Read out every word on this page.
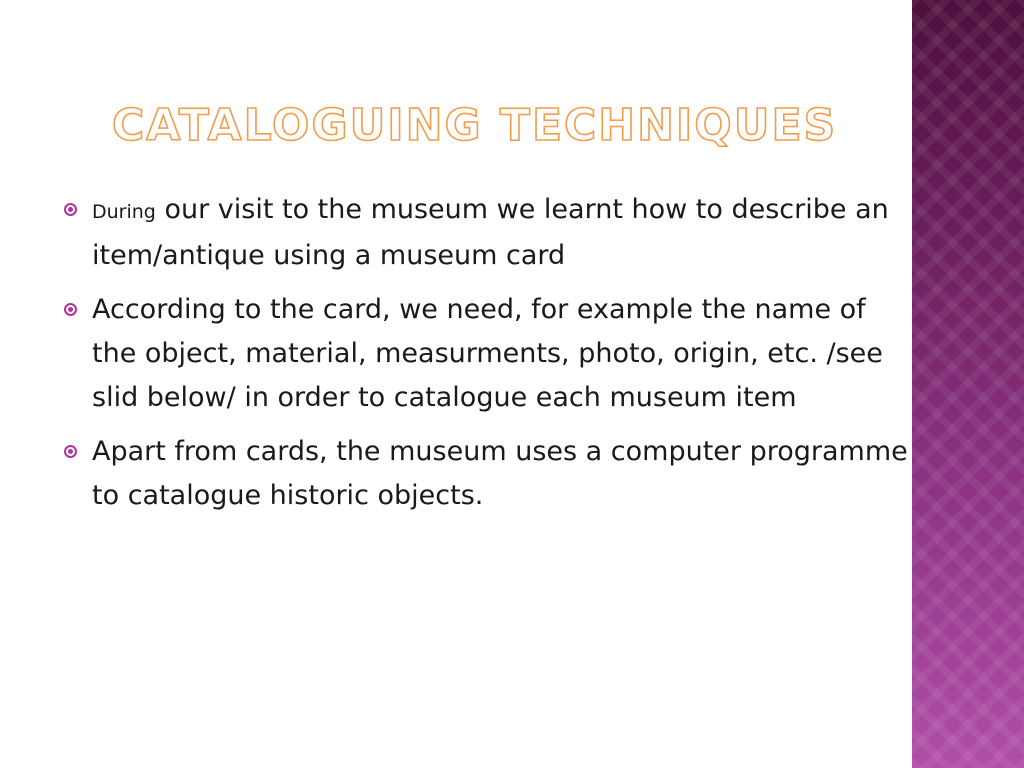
CATALOGUING TECHNIQUES
During our visit to the museum we learnt how to describe an item/antique using a museum card
According to the card, we need, for example the name of the object, material, measurments, photo, origin, etc. /see slid below/ in order to catalogue each museum item
Apart from cards, the museum uses a computer programme to catalogue historic objects.
